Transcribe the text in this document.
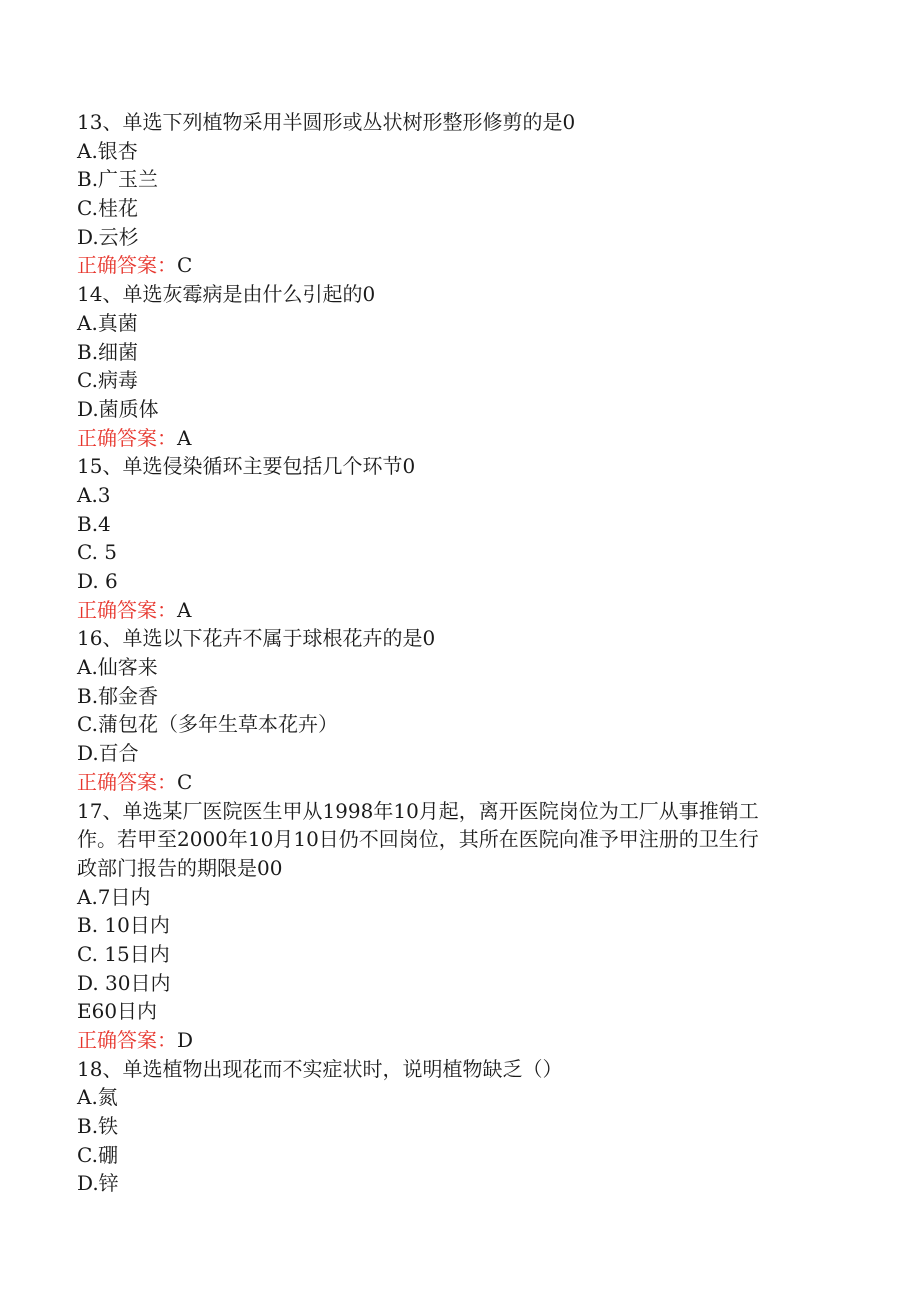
13、单选下列植物采用半圆形或丛状树形整形修剪的是0
A.银杏
B.广玉兰
C.桂花
D.云杉
正确答案：C
14、单选灰霉病是由什么引起的0
A.真菌
B.细菌
C.病毒
D.菌质体
正确答案：A
15、单选侵染循环主要包括几个环节0
A.3
B.4
C. 5
D. 6
正确答案：A
16、单选以下花卉不属于球根花卉的是0
A.仙客来
B.郁金香
C.蒲包花（多年生草本花卉）
D.百合
正确答案：C
17、单选某厂医院医生甲从1998年10月起，离开医院岗位为工厂从事推销工
作。若甲至2000年10月10日仍不回岗位，其所在医院向准予甲注册的卫生行
政部门报告的期限是00
A.7日内
B. 10日内
C. 15日内
D. 30日内
E60日内
正确答案：D
18、单选植物出现花而不实症状时，说明植物缺乏（）
A.氮
B.铁
C.硼
D.锌
